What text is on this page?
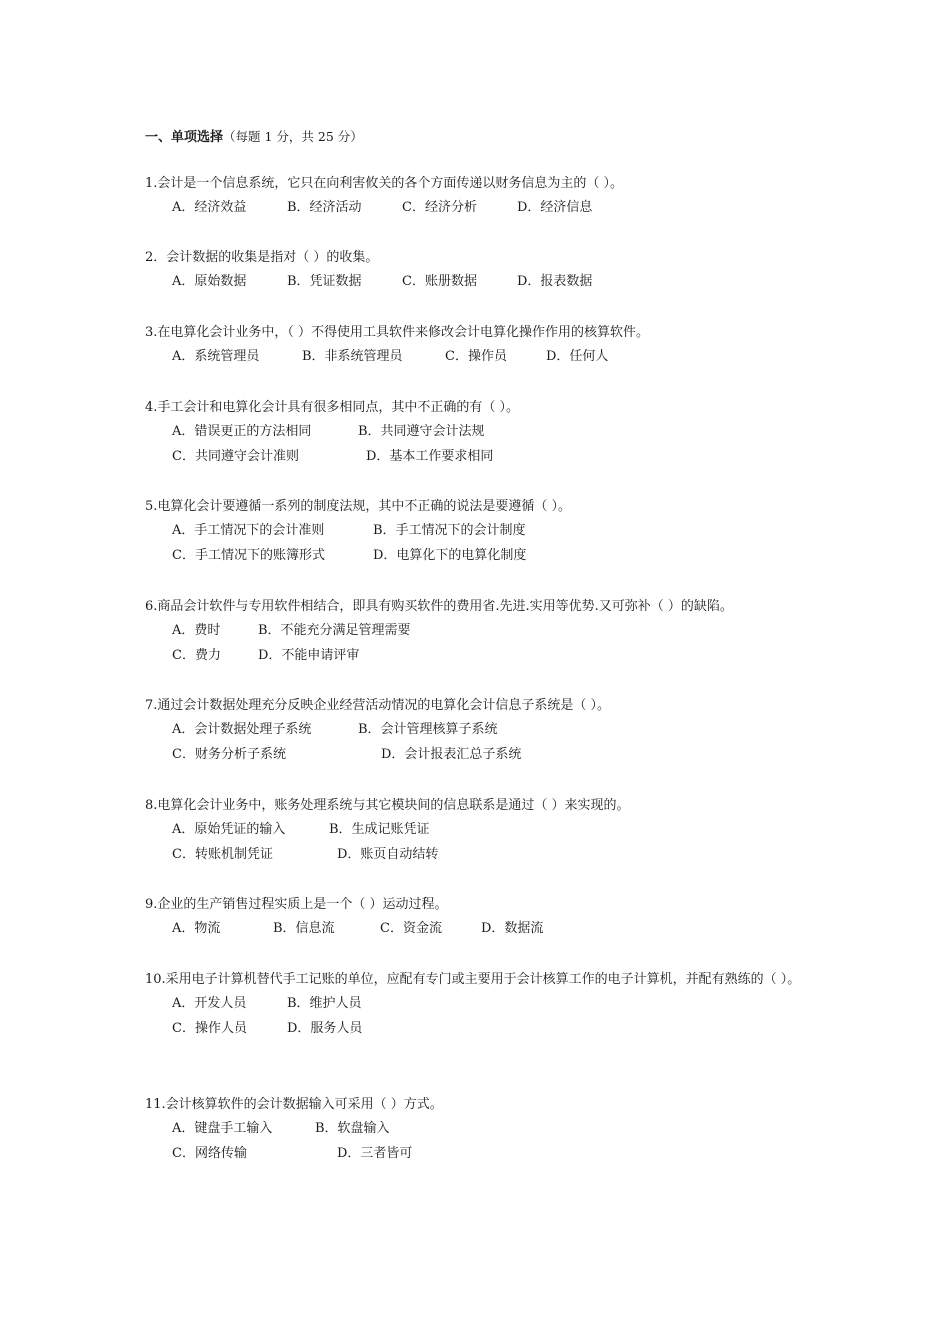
一、单项选择（每题 1 分，共 25 分）
1.会计是一个信息系统，它只在向利害攸关的各个方面传递以财务信息为主的（ ）。
A．经济效益	B．经济活动	C．经济分析	D．经济信息
2．会计数据的收集是指对（ ）的收集。
A．原始数据	B．凭证数据	C．账册数据	D．报表数据
3.在电算化会计业务中，（ ）不得使用工具软件来修改会计电算化操作作用的核算软件。
A．系统管理员	B．非系统管理员	C．操作员	D．任何人
4.手工会计和电算化会计具有很多相同点，其中不正确的有（ ）。
A．错误更正的方法相同	B．共同遵守会计法规
C．共同遵守会计准则	D．基本工作要求相同
5.电算化会计要遵循一系列的制度法规，其中不正确的说法是要遵循（ ）。
A．手工情况下的会计准则	B．手工情况下的会计制度
C．手工情况下的账簿形式	D．电算化下的电算化制度
6.商品会计软件与专用软件相结合，即具有购买软件的费用省.先进.实用等优势.又可弥补（ ）的缺陷。
A．费时	B．不能充分满足管理需要
C．费力	D．不能申请评审
7.通过会计数据处理充分反映企业经营活动情况的电算化会计信息子系统是（ ）。
A．会计数据处理子系统	B．会计管理核算子系统
C．财务分析子系统	D．会计报表汇总子系统
8.电算化会计业务中，账务处理系统与其它模块间的信息联系是通过（ ）来实现的。
A．原始凭证的输入	B．生成记账凭证
C．转账机制凭证	D．账页自动结转
9.企业的生产销售过程实质上是一个（ ）运动过程。
A．物流	B．信息流	C．资金流	D．数据流
10.采用电子计算机替代手工记账的单位，应配有专门或主要用于会计核算工作的电子计算机，并配有熟练的（ ）。
A．开发人员	B．维护人员
C．操作人员	D．服务人员
11.会计核算软件的会计数据输入可采用（ ）方式。
A．键盘手工输入	B．软盘输入
C．网络传输	D．三者皆可
